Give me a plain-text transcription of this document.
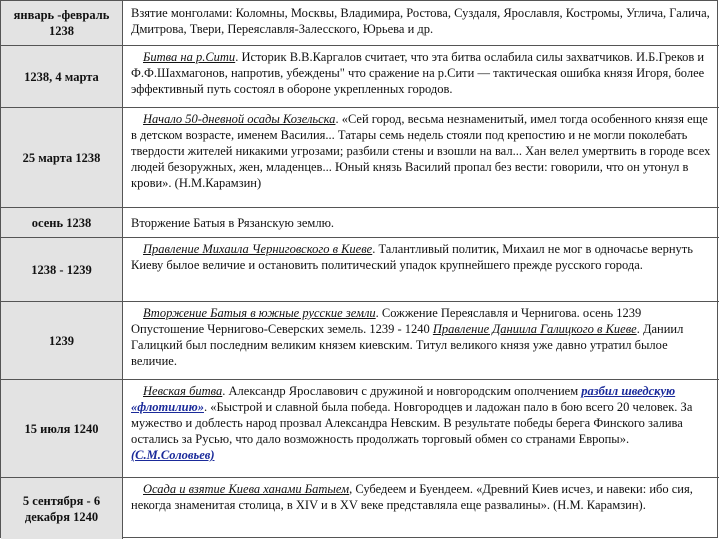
январь -февраль 1238
Взятие монголами: Коломны, Москвы, Владимира, Ростова, Суздаля, Ярославля, Костромы, Углича, Галича, Дмитрова, Твери, Переяславля-Залесского, Юрьева и др.
1238, 4 марта
Битва на р.Сити. Историк В.В.Каргалов считает, что эта битва ослабила силы захватчиков. И.Б.Греков и Ф.Ф.Шахмагонов, напротив, убеждены" что сражение на р.Сити — тактическая ошибка князя Игоря, более эффективный путь состоял в обороне укрепленных городов.
25 марта 1238
Начало 50-дневной осады Козельска. «Сей город, весьма незнаменитый, имел тогда особенного князя еще в детском возрасте, именем Василия... Татары семь недель стояли под крепостию и не могли поколебать твердости жителей никакими угрозами; разбили стены и взошли на вал... Хан велел умертвить в городе всех людей безоружных, жен, младенцев... Юный князь Василий пропал без вести: говорили, что он утонул в крови». (Н.М.Карамзин)
осень 1238	Вторжение Батыя в Рязанскую землю.
1238 - 1239
Правление Михаила Черниговского в Киеве. Талантливый политик, Михаил не мог в одночасье вернуть Киеву былое величие и остановить политический упадок крупнейшего прежде русского города.
1239
Вторжение Батыя в южные русские земли. Сожжение Переяславля и Чернигова. осень 1239 Опустошение Чернигово-Северских земель. 1239 - 1240 Правление Даниила Галицкого в Киеве. Даниил Галицкий был последним великим князем киевским. Титул великого князя уже давно утратил былое величие.
15 июля 1240
Невская битва. Александр Ярославович с дружиной и новгородским ополчением разбил шведскую «флотилию». «Быстрой и славной была победа. Новгородцев и ладожан пало в бою всего 20 человек. За мужество и доблесть народ прозвал Александра Невским. В результате победы берега Финского залива остались за Русью, что дало возможность продолжать торговый обмен со странами Европы». (С.М.Соловьев)
5 сентября - 6 декабря 1240
Осада и взятие Киева ханами Батыем, Субедеем и Буендеем. «Древний Киев исчез, и навеки: ибо сия, некогда знаменитая столица, в XIV и в XV веке представляла еще развалины». (Н.М. Карамзин).
